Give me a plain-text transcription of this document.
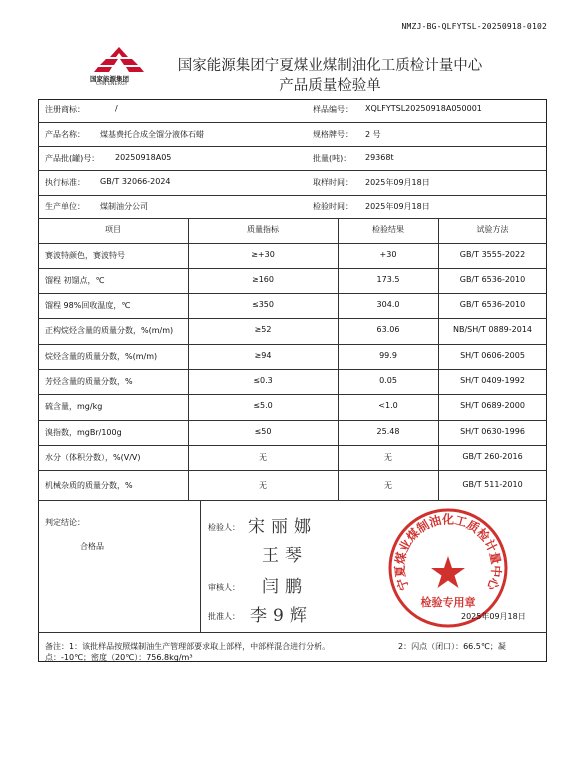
NMZJ-BG-QLFYTSL-20250918-0102
国家能源集团
CHN ENERGY
国家能源集团宁夏煤业煤制油化工质检计量中心
产品质量检验单
注册商标：	/	样品编号： XQLFYTSL20250918A050001
产品名称： 煤基费托合成全馏分液体石蜡	规格牌号： 2 号
产品批(罐)号： 20250918A05	批量(吨)： 29368t
执行标准： GB/T 32066-2024	取样时间： 2025年09月18日
生产单位： 煤制油分公司	检验时间： 2025年09月18日
项目	质量指标	检验结果	试验方法
赛波特颜色，赛波特号	≥+30	+30	GB/T 3555-2022
馏程 初馏点，℃	≥160	173.5	GB/T 6536-2010
馏程 98%回收温度，℃	≤350	304.0	GB/T 6536-2010
正构烷烃含量的质量分数，%(m/m)	≥52	63.06	NB/SH/T 0889-2014
烷烃含量的质量分数，%(m/m)	≥94	99.9	SH/T 0606-2005
芳烃含量的质量分数，%	≤0.3	0.05	SH/T 0409-1992
硫含量，mg/kg	≤5.0	<1.0	SH/T 0689-2000
溴指数，mgBr/100g	≤50	25.48	SH/T 0630-1996
水分（体积分数），%(V/V)	无	无	GB/T 260-2016
机械杂质的质量分数，%	无	无	GB/T 511-2010
判定结论：
合格品
检验人： 宋丽娜
王琴
审核人： 闫鹏
批准人： 李9辉
宁夏煤业煤制油化工质检计量中心
检验专用章
2025年09月18日
备注：1：该批样品按照煤制油生产管理部要求取上部样，中部样混合进行分析。	2：闪点（闭口）：66.5℃；凝
点：-10℃；密度（20℃）：756.8kg/m³
